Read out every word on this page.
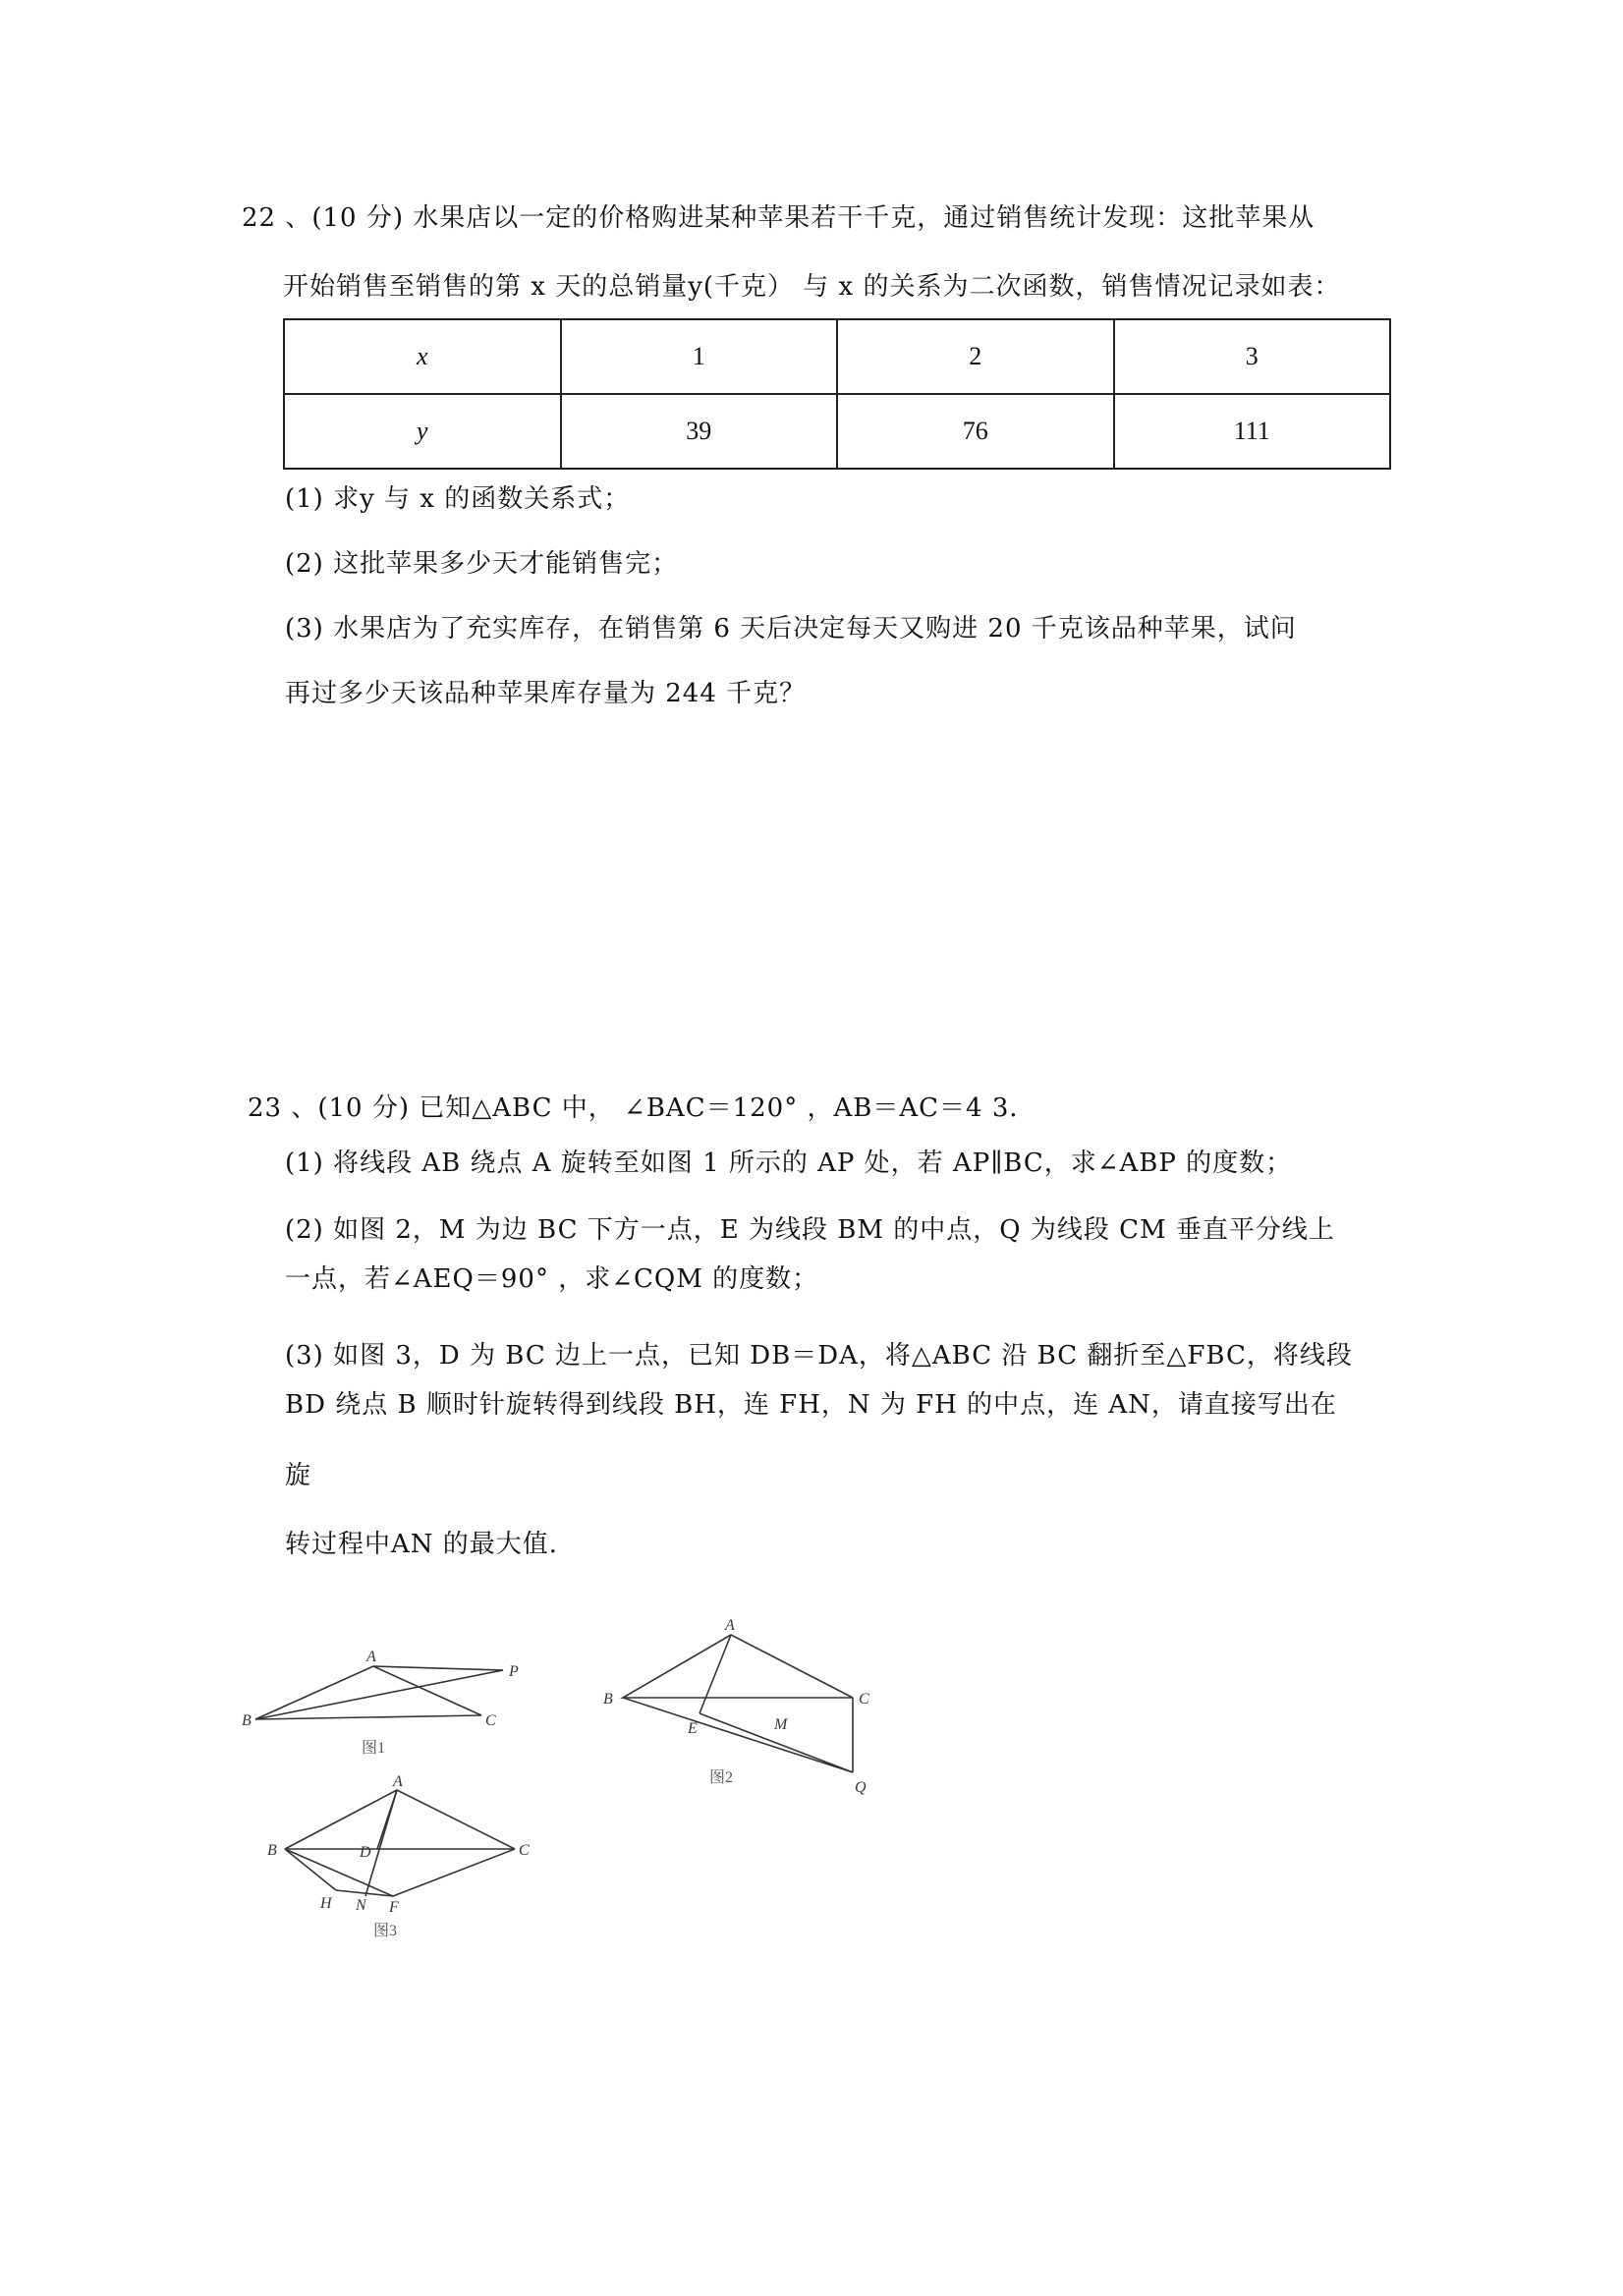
22 、(10 分) 水果店以一定的价格购进某种苹果若干千克，通过销售统计发现：这批苹果从
开始销售至销售的第 x 天的总销量y(千克） 与 x 的关系为二次函数，销售情况记录如表：
x	1	2	3
y	39	76	111
(1) 求y 与 x 的函数关系式；
(2) 这批苹果多少天才能销售完；
(3) 水果店为了充实库存，在销售第 6 天后决定每天又购进 20 千克该品种苹果，试问
再过多少天该品种苹果库存量为 244 千克？
23 、(10 分) 已知△ABC 中， ∠BAC＝120° ，AB＝AC＝4 3．
(1) 将线段 AB 绕点 A 旋转至如图 1 所示的 AP 处，若 AP∥BC，求∠ABP 的度数；
(2) 如图 2，M 为边 BC 下方一点，E 为线段 BM 的中点，Q 为线段 CM 垂直平分线上
一点，若∠AEQ＝90° ，求∠CQM 的度数；
(3) 如图 3，D 为 BC 边上一点，已知 DB＝DA，将△ABC 沿 BC 翻折至△FBC，将线段
BD 绕点 B 顺时针旋转得到线段 BH，连 FH，N 为 FH 的中点，连 AN，请直接写出在
旋
转过程中AN 的最大值．
A
B	C
P
图1
A
B	C
E	M
Q
图2
A
B	C
D
H N F
图3
